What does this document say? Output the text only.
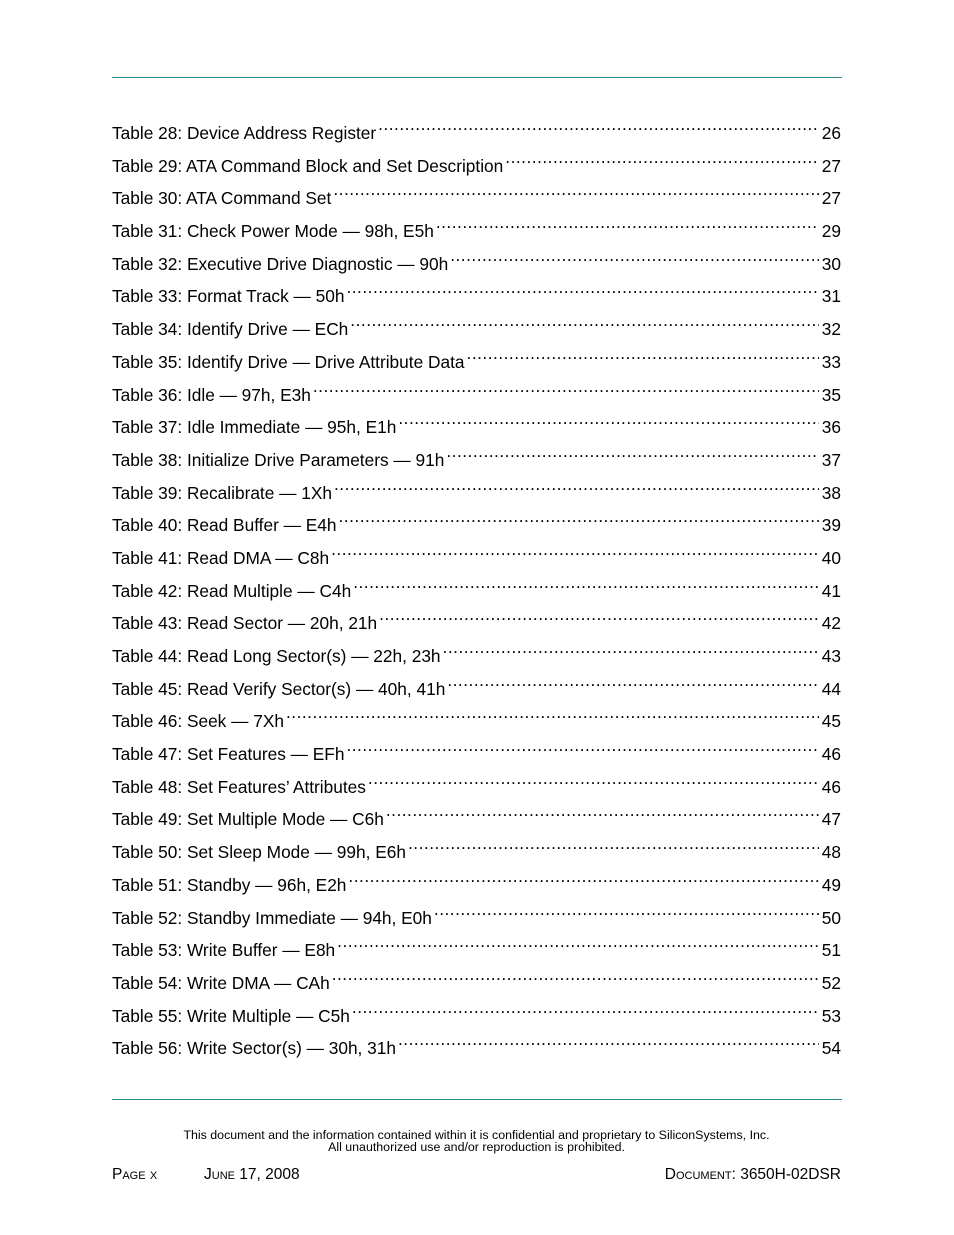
Table 28: Device Address Register .....	26
Table 29: ATA Command Block and Set Description .....	27
Table 30: ATA Command Set .....	27
Table 31: Check Power Mode — 98h, E5h .....	29
Table 32: Executive Drive Diagnostic — 90h .....	30
Table 33: Format Track — 50h .....	31
Table 34: Identify Drive — ECh .....	32
Table 35: Identify Drive — Drive Attribute Data .....	33
Table 36: Idle — 97h, E3h .....	35
Table 37: Idle Immediate — 95h, E1h .....	36
Table 38: Initialize Drive Parameters — 91h .....	37
Table 39: Recalibrate — 1Xh .....	38
Table 40: Read Buffer — E4h .....	39
Table 41: Read DMA — C8h .....	40
Table 42: Read Multiple — C4h .....	41
Table 43: Read Sector — 20h, 21h .....	42
Table 44: Read Long Sector(s) — 22h, 23h .....	43
Table 45: Read Verify Sector(s) — 40h, 41h .....	44
Table 46: Seek — 7Xh .....	45
Table 47: Set Features — EFh .....	46
Table 48: Set Features’ Attributes .....	46
Table 49: Set Multiple Mode — C6h .....	47
Table 50: Set Sleep Mode — 99h, E6h .....	48
Table 51: Standby — 96h, E2h .....	49
Table 52: Standby Immediate — 94h, E0h .....	50
Table 53: Write Buffer — E8h .....	51
Table 54: Write DMA — CAh .....	52
Table 55: Write Multiple — C5h .....	53
Table 56: Write Sector(s) — 30h, 31h .....	54
This document and the information contained within it is confidential and proprietary to SiliconSystems, Inc.
All unauthorized use and/or reproduction is prohibited.
Page x	June 17, 2008	Document: 3650H-02DSR
